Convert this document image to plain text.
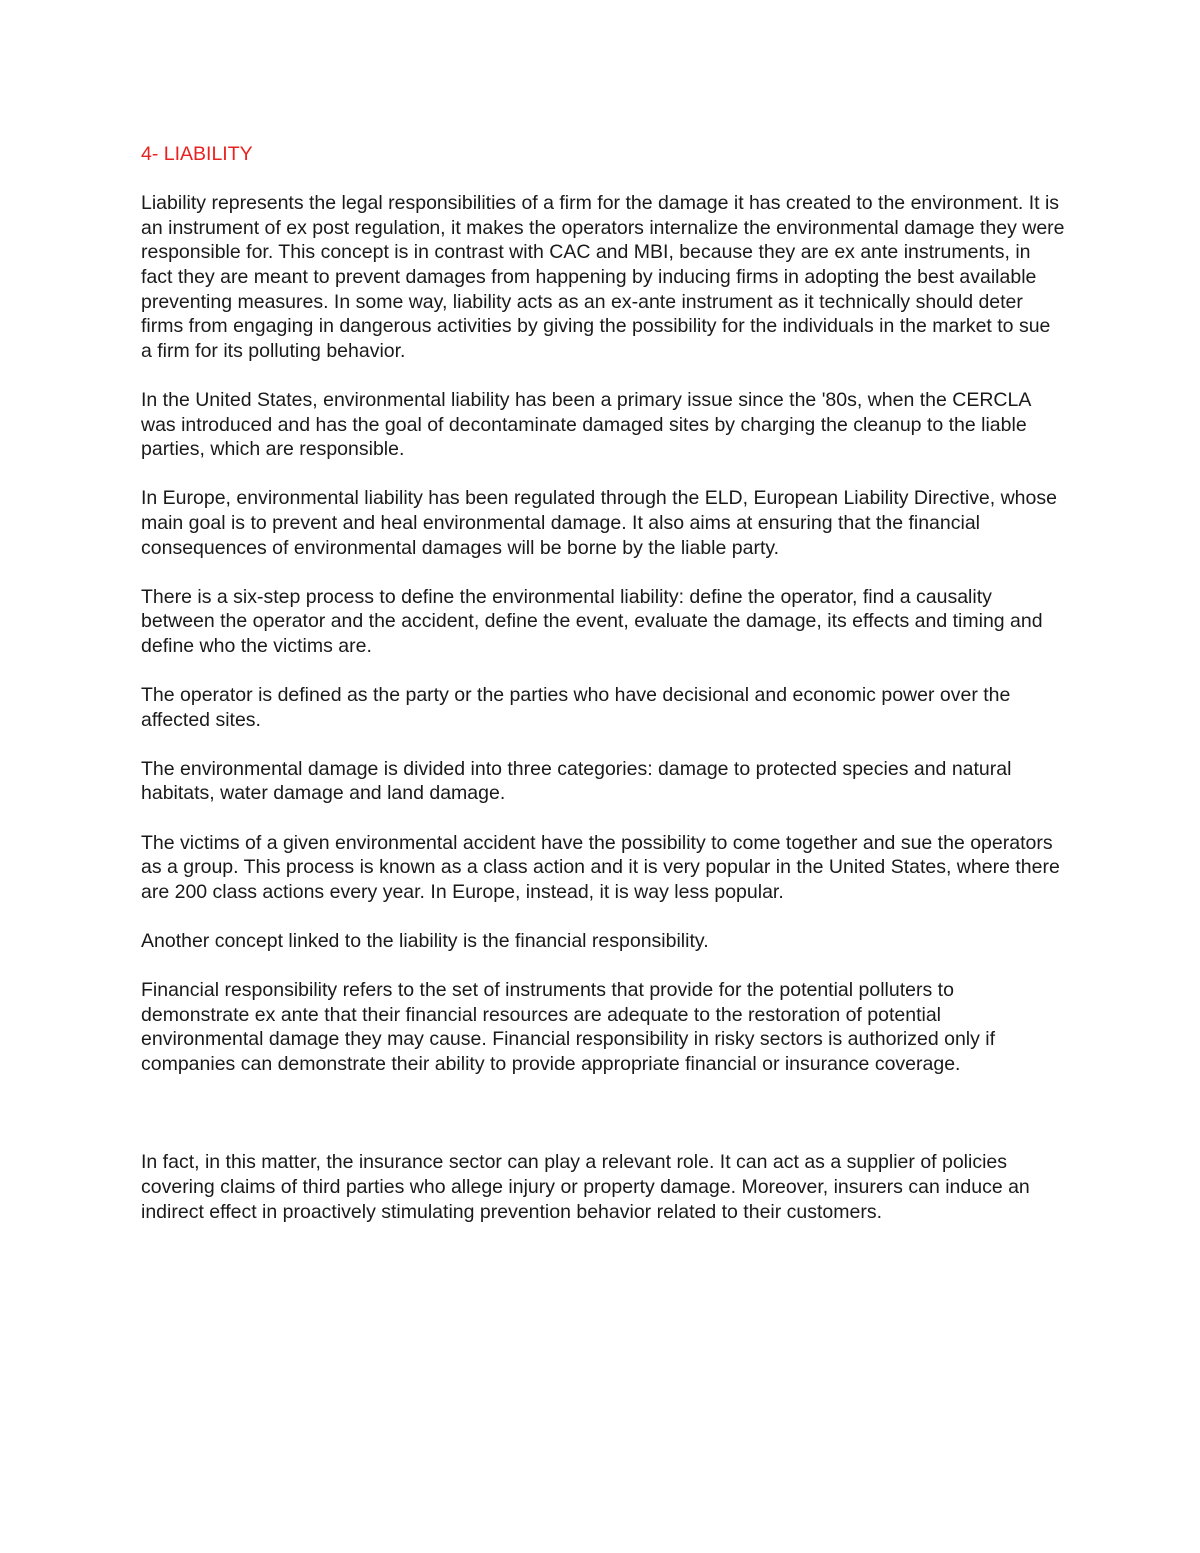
4- LIABILITY

Liability represents the legal responsibilities of a firm for the damage it has created to the environment. It is an instrument of ex post regulation, it makes the operators internalize the environmental damage they were responsible for. This concept is in contrast with CAC and MBI, because they are ex ante instruments, in fact they are meant to prevent damages from happening by inducing firms in adopting the best available preventing measures. In some way, liability acts as an ex-ante instrument as it technically should deter firms from engaging in dangerous activities by giving the possibility for the individuals in the market to sue a firm for its polluting behavior.

In the United States, environmental liability has been a primary issue since the '80s, when the CERCLA was introduced and has the goal of decontaminate damaged sites by charging the cleanup to the liable parties, which are responsible.

In Europe, environmental liability has been regulated through the ELD, European Liability Directive, whose main goal is to prevent and heal environmental damage. It also aims at ensuring that the financial consequences of environmental damages will be borne by the liable party.

There is a six-step process to define the environmental liability: define the operator, find a causality between the operator and the accident, define the event, evaluate the damage, its effects and timing and define who the victims are.

The operator is defined as the party or the parties who have decisional and economic power over the affected sites.

The environmental damage is divided into three categories: damage to protected species and natural habitats, water damage and land damage.

The victims of a given environmental accident have the possibility to come together and sue the operators as a group. This process is known as a class action and it is very popular in the United States, where there are 200 class actions every year. In Europe, instead, it is way less popular.

Another concept linked to the liability is the financial responsibility.

Financial responsibility refers to the set of instruments that provide for the potential polluters to demonstrate ex ante that their financial resources are adequate to the restoration of potential environmental damage they may cause. Financial responsibility in risky sectors is authorized only if companies can demonstrate their ability to provide appropriate financial or insurance coverage.

In fact, in this matter, the insurance sector can play a relevant role. It can act as a supplier of policies covering claims of third parties who allege injury or property damage. Moreover, insurers can induce an indirect effect in proactively stimulating prevention behavior related to their customers.
